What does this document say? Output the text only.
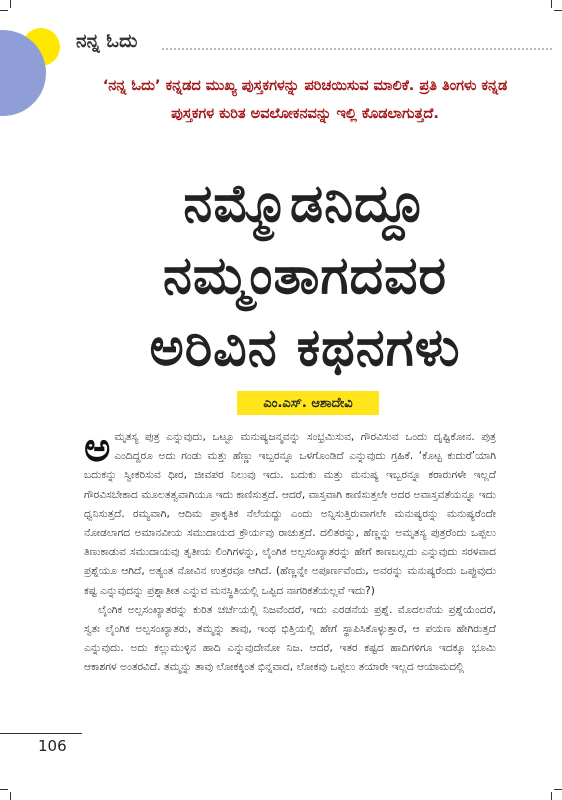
ನನ್ನ ಓದು
‘ನನ್ನ ಓದು’ ಕನ್ನಡದ ಮುಖ್ಯ ಪುಸ್ತಕಗಳನ್ನು ಪರಿಚಯಿಸುವ ಮಾಲಿಕೆ. ಪ್ರತಿ ತಿಂಗಳು ಕನ್ನಡ ಪುಸ್ತಕಗಳ ಕುರಿತ ಅವಲೋಕನವನ್ನು ಇಲ್ಲಿ ಕೊಡಲಾಗುತ್ತದೆ.
ನಮ್ಮೊಡನಿದ್ದೂ
ನಮ್ಮಂತಾಗದವರ
ಅರಿವಿನ ಕಥನಗಳು
ಎಂ.ಎಸ್. ಆಶಾದೇವಿ

ಅಮೃತಸ್ಯ ಪುತ್ರ ಎನ್ನುವುದು, ಒಟ್ಟೂ ಮನುಷ್ಯಜನ್ಮವನ್ನು ಸಂಭ್ರಮಿಸುವ, ಗೌರವಿಸುವ ಒಂದು ದೃಷ್ಟಿಕೋನ. ಪುತ್ರ ಎಂದಿದ್ದರೂ ಅದು ಗಂಡು ಮತ್ತು ಹೆಣ್ಣು ಇಬ್ಬರನ್ನೂ ಒಳಗೊಂಡಿದೆ ಎನ್ನುವುದು ಗ್ರಹಿಕೆ. ‘ಕೊಟ್ಟ ಕುದುರೆ’ಯಾಗಿ ಬದುಕನ್ನು ಸ್ವೀಕರಿಸುವ ಧೀರ, ಜೀವಪರ ನಿಲುವು ಇದು. ಬದುಕು ಮತ್ತು ಮನುಷ್ಯ ಇಬ್ಬರನ್ನೂ ಕರಾರುಗಳೇ ಇಲ್ಲದೆ ಗೌರವಿಸಬೇಕಾದ ಮೂಲತತ್ವವಾಗಿಯೂ ಇದು ಕಾಣಿಸುತ್ತದೆ. ಆದರೆ, ವಾಸ್ತವಾಗಿ ಕಾಣಿಸುತ್ತಲೇ ಅದರ ಅವಾಸ್ತವತೆಯನ್ನೂ ಇದು ಧ್ವನಿಸುತ್ತದೆ. ರಮ್ಯವಾಗಿ, ಆದಿಮ ಪ್ರಾಕೃತಿಕ ನೆಲೆಯದ್ದು ಎಂದು ಅನ್ನಿಸುತ್ತಿರುವಾಗಲೇ ಮನುಷ್ಯರನ್ನು ಮನುಷ್ಯರೆಂದೇ ನೋಡಲಾಗದ ಅಮಾನವೀಯ ಸಮುದಾಯದ ಕ್ರೌರ್ಯವು ರಾಚುತ್ತದೆ. ದಲಿತರನ್ನು, ಹೆಣ್ಣನ್ನು ಅಮೃತಸ್ಯ ಪುತ್ರರೆಂದು ಒಪ್ಪಲು ತಿಣುಕಾಡುವ ಸಮುದಾಯವು ತೃತೀಯ ಲಿಂಗಿಗಳನ್ನು, ಲೈಂಗಿಕ ಅಲ್ಪಸಂಖ್ಯಾತರನ್ನು ಹೇಗೆ ಕಾಣಬಲ್ಲದು ಎನ್ನುವುದು ಸರಳವಾದ ಪ್ರಶ್ನೆಯೂ ಆಗಿದೆ, ಅತ್ಯಂತ ನೋವಿನ ಉತ್ತರವೂ ಆಗಿದೆ. (ಹೆಣ್ಣನ್ನೇ ಅಪೂರ್ಣವೆಂದು, ಅವರನ್ನು ಮನುಷ್ಯರೆಂದು ಒಪ್ಪುವುದು ಕಷ್ಟ ಎನ್ನುವುದನ್ನು ಪ್ರಶ್ನಾತೀತ ಎನ್ನುವ ಮನಸ್ಥಿತಿಯಲ್ಲಿ ಒಪ್ಪಿದ ನಾಗರಿಕತೆಯಲ್ಲವೆ ಇದು?)

ಲೈಂಗಿಕ ಅಲ್ಪಸಂಖ್ಯಾತರನ್ನು ಕುರಿತ ಚರ್ಚೆಯಲ್ಲಿ ನಿಜವೆಂದರೆ, ಇದು ಎರಡನೆಯ ಪ್ರಶ್ನೆ. ಮೊದಲನೆಯ ಪ್ರಶ್ನೆಯೆಂದರೆ, ಸ್ವತಃ ಲೈಂಗಿಕ ಅಲ್ಪಸಂಖ್ಯಾತರು, ತಮ್ಮನ್ನು ತಾವು, ಇಂಥ ಭಿತ್ತಿಯಲ್ಲಿ ಹೇಗೆ ಸ್ಥಾಪಿಸಿಕೊಳ್ಳುತ್ತಾರೆ, ಆ ಪಯಣ ಹೇಗಿರುತ್ತದೆ ಎನ್ನುವುದು. ಅದು ಕಲ್ಲುಮುಳ್ಳಿನ ಹಾದಿ ಎನ್ನುವುದೇನೋ ನಿಜ. ಆದರೆ, ಇತರ ಕಷ್ಟದ ಹಾದಿಗಳಿಗೂ ಇದಕ್ಕೂ ಭೂಮಿ ಆಕಾಶಗಳ ಅಂತರವಿದೆ. ತಮ್ಮನ್ನು ತಾವು ಲೋಕಕ್ಕಿಂತ ಭಿನ್ನವಾದ, ಲೋಕವು ಒಪ್ಪಲು ತಯಾರೇ ಇಲ್ಲದ ಆಯಾಮದಲ್ಲಿ

106
